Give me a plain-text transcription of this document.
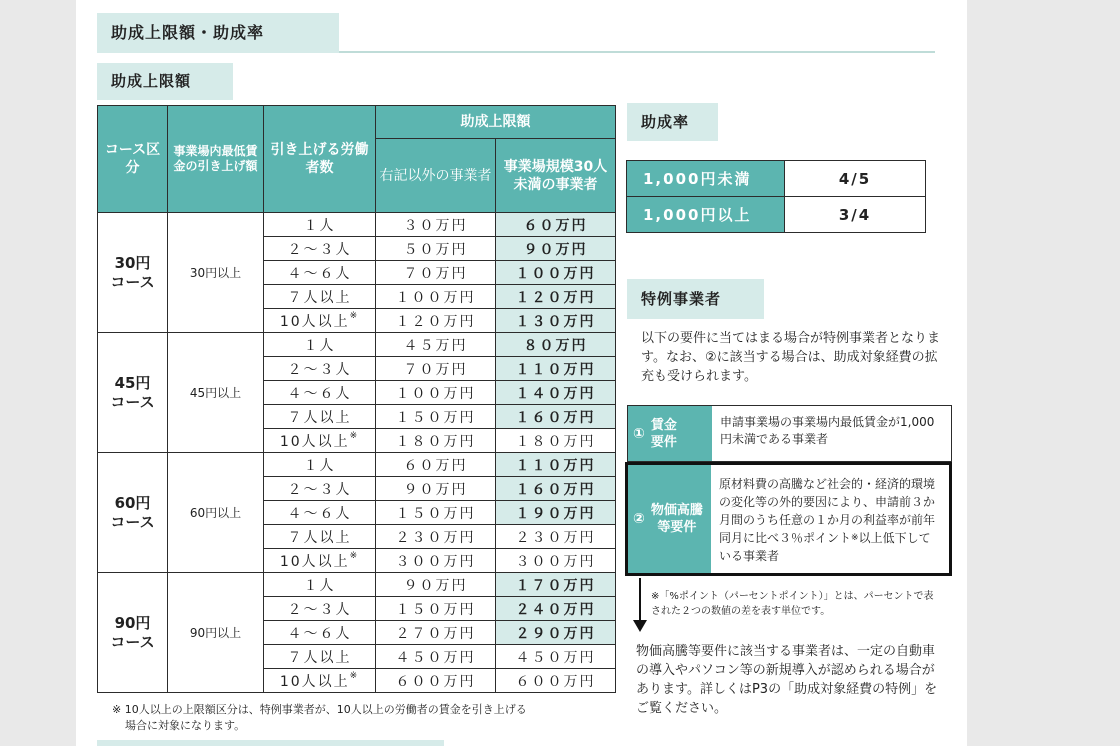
助成上限額・助成率
助成上限額
コース区分	事業場内最低賃金の引き上げ額	引き上げる労働者数	助成上限額	
			右記以外の事業者	事業場規模30人未満の事業者
30円コース	30円以上	１人	３０万円	６０万円
		２～３人	５０万円	９０万円
		４～６人	７０万円	１００万円
		７人以上	１００万円	１２０万円
		10人以上※	１２０万円	１３０万円
45円コース	45円以上	１人	４５万円	８０万円
		２～３人	７０万円	１１０万円
		４～６人	１００万円	１４０万円
		７人以上	１５０万円	１６０万円
		10人以上※	１８０万円	１８０万円
60円コース	60円以上	１人	６０万円	１１０万円
		２～３人	９０万円	１６０万円
		４～６人	１５０万円	１９０万円
		７人以上	２３０万円	２３０万円
		10人以上※	３００万円	３００万円
90円コース	90円以上	１人	９０万円	１７０万円
		２～３人	１５０万円	２４０万円
		４～６人	２７０万円	２９０万円
		７人以上	４５０万円	４５０万円
		10人以上※	６００万円	６００万円
※ 10人以上の上限額区分は、特例事業者が、10人以上の労働者の賃金を引き上げる
場合に対象になります。
助成率
1,000円未満	4/5
1,000円以上	3/4
特例事業者
以下の要件に当てはまる場合が特例事業者となります。なお、②に該当する場合は、助成対象経費の拡充も受けられます。
①
賃金要件
申請事業場の事業場内最低賃金が1,000円未満である事業者
②
物価高騰等要件
原材料費の高騰など社会的・経済的環境の変化等の外的要因により、申請前３か月間のうち任意の１か月の利益率が前年同月に比べ３％ポイント※以上低下している事業者
※「%ポイント（パーセントポイント）」とは、パーセントで表された２つの数値の差を表す単位です。
物価高騰等要件に該当する事業者は、一定の自動車の導入やパソコン等の新規導入が認められる場合があります。詳しくはP3の「助成対象経費の特例」をご覧ください。
